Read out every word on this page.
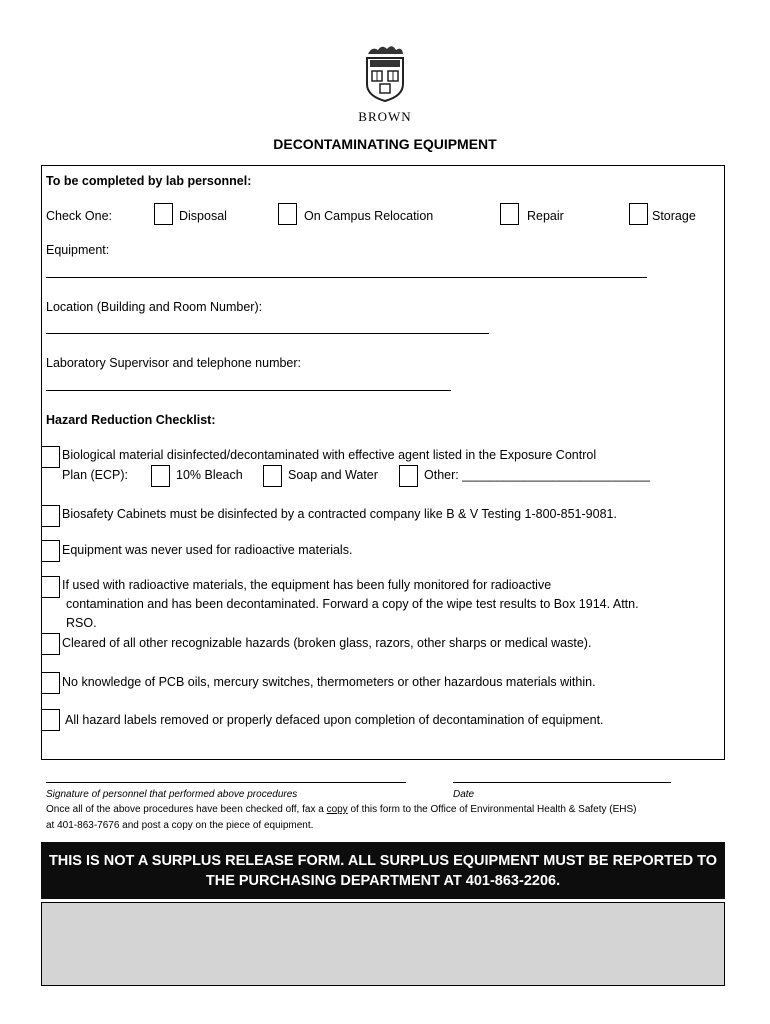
BROWN
DECONTAMINATING EQUIPMENT
To be completed by lab personnel:
Check One:	Disposal	On Campus Relocation	Repair	Storage
Equipment:
Location (Building and Room Number):
Laboratory Supervisor and telephone number:
Hazard Reduction Checklist:
Biological material disinfected/decontaminated with effective agent listed in the Exposure Control
Plan (ECP):	10% Bleach	Soap and Water	Other: ___________________________
Biosafety Cabinets must be disinfected by a contracted company like B & V Testing 1-800-851-9081.
Equipment was never used for radioactive materials.
If used with radioactive materials, the equipment has been fully monitored for radioactive
contamination and has been decontaminated. Forward a copy of the wipe test results to Box 1914. Attn.
RSO.
Cleared of all other recognizable hazards (broken glass, razors, other sharps or medical waste).
No knowledge of PCB oils, mercury switches, thermometers or other hazardous materials within.
All hazard labels removed or properly defaced upon completion of decontamination of equipment.
Signature of personnel that performed above procedures	Date
Once all of the above procedures have been checked off, fax a copy of this form to the Office of Environmental Health & Safety (EHS)
at 401-863-7676 and post a copy on the piece of equipment.
THIS IS NOT A SURPLUS RELEASE FORM. ALL SURPLUS EQUIPMENT MUST BE REPORTED TO
THE PURCHASING DEPARTMENT AT 401-863-2206.
